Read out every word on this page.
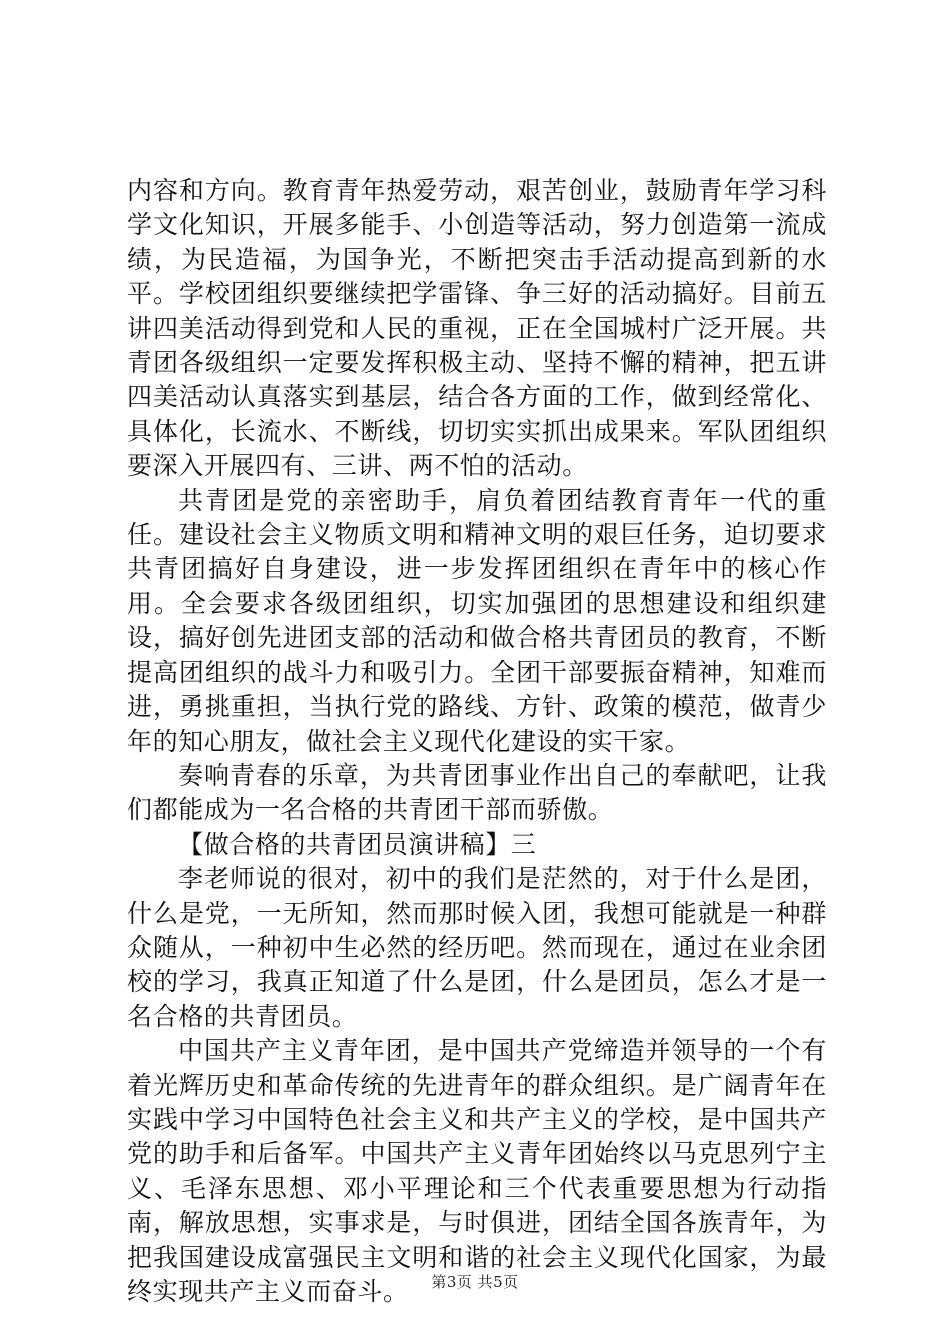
内容和方向。教育青年热爱劳动，艰苦创业，鼓励青年学习科学文化知识，开展多能手、小创造等活动，努力创造第一流成绩，为民造福，为国争光，不断把突击手活动提高到新的水平。学校团组织要继续把学雷锋、争三好的活动搞好。目前五讲四美活动得到党和人民的重视，正在全国城村广泛开展。共青团各级组织一定要发挥积极主动、坚持不懈的精神，把五讲四美活动认真落实到基层，结合各方面的工作，做到经常化、具体化，长流水、不断线，切切实实抓出成果来。军队团组织要深入开展四有、三讲、两不怕的活动。

共青团是党的亲密助手，肩负着团结教育青年一代的重任。建设社会主义物质文明和精神文明的艰巨任务，迫切要求共青团搞好自身建设，进一步发挥团组织在青年中的核心作用。全会要求各级团组织，切实加强团的思想建设和组织建设，搞好创先进团支部的活动和做合格共青团员的教育，不断提高团组织的战斗力和吸引力。全团干部要振奋精神，知难而进，勇挑重担，当执行党的路线、方针、政策的模范，做青少年的知心朋友，做社会主义现代化建设的实干家。

奏响青春的乐章，为共青团事业作出自己的奉献吧，让我们都能成为一名合格的共青团干部而骄傲。

【做合格的共青团员演讲稿】三

李老师说的很对，初中的我们是茫然的，对于什么是团，什么是党，一无所知，然而那时候入团，我想可能就是一种群众随从，一种初中生必然的经历吧。然而现在，通过在业余团校的学习，我真正知道了什么是团，什么是团员，怎么才是一名合格的共青团员。

中国共产主义青年团，是中国共产党缔造并领导的一个有着光辉历史和革命传统的先进青年的群众组织。是广阔青年在实践中学习中国特色社会主义和共产主义的学校，是中国共产党的助手和后备军。中国共产主义青年团始终以马克思列宁主义、毛泽东思想、邓小平理论和三个代表重要思想为行动指南，解放思想，实事求是，与时俱进，团结全国各族青年，为把我国建设成富强民主文明和谐的社会主义现代化国家，为最终实现共产主义而奋斗。	第3页 共5页
